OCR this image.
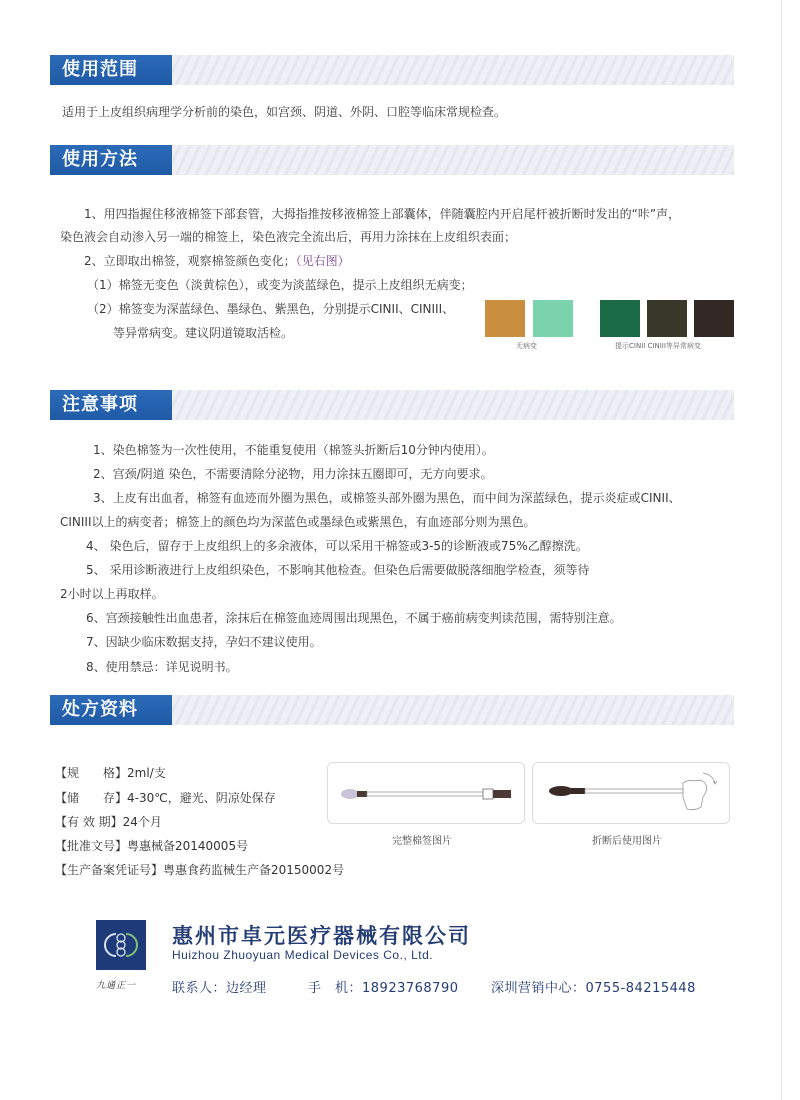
使用范围
适用于上皮组织病理学分析前的染色，如宫颈、阴道、外阴、口腔等临床常规检查。
使用方法
1、用四指握住移液棉签下部套管，大拇指推按移液棉签上部囊体，伴随囊腔内开启尾杆被折断时发出的“咔”声，
染色液会自动渗入另一端的棉签上，染色液完全流出后，再用力涂抹在上皮组织表面；
2、立即取出棉签，观察棉签颜色变化；（见右图）
（1）棉签无变色（淡黄棕色），或变为淡蓝绿色，提示上皮组织无病变；
（2）棉签变为深蓝绿色、墨绿色、紫黑色，分别提示CINII、CINIII、
等异常病变。建议阴道镜取活检。
无病变	提示CINII CINIII等异常病变
注意事项
1、染色棉签为一次性使用，不能重复使用（棉签头折断后10分钟内使用）。
2、宫颈/阴道 染色，不需要清除分泌物，用力涂抹五圈即可，无方向要求。
3、上皮有出血者，棉签有血迹而外圈为黑色，或棉签头部外圈为黑色，而中间为深蓝绿色，提示炎症或CINII、
CINIII以上的病变者；棉签上的颜色均为深蓝色或墨绿色或紫黑色，有血迹部分则为黑色。
4、 染色后，留存于上皮组织上的多余液体，可以采用干棉签或3-5的诊断液或75%乙醇擦洗。
5、 采用诊断液进行上皮组织染色，不影响其他检查。但染色后需要做脱落细胞学检查，须等待
2小时以上再取样。
6、宫颈接触性出血患者，涂抹后在棉签血迹周围出现黑色，不属于癌前病变判读范围，需特别注意。
7、因缺少临床数据支持，孕妇不建议使用。
8、使用禁忌：详见说明书。
处方资料
【规　　格】2ml/支
【储　　存】4-30℃，避光、阴凉处保存
【有 效 期】24个月
【批准文号】粤惠械备20140005号
【生产备案凭证号】粤惠食药监械生产备20150002号
完整棉签图片	折断后使用图片
九通正一
惠州市卓元医疗器械有限公司
Huizhou Zhuoyuan Medical Devices Co., Ltd.
联系人：边经理	手　机：18923768790	深圳营销中心：0755-84215448
